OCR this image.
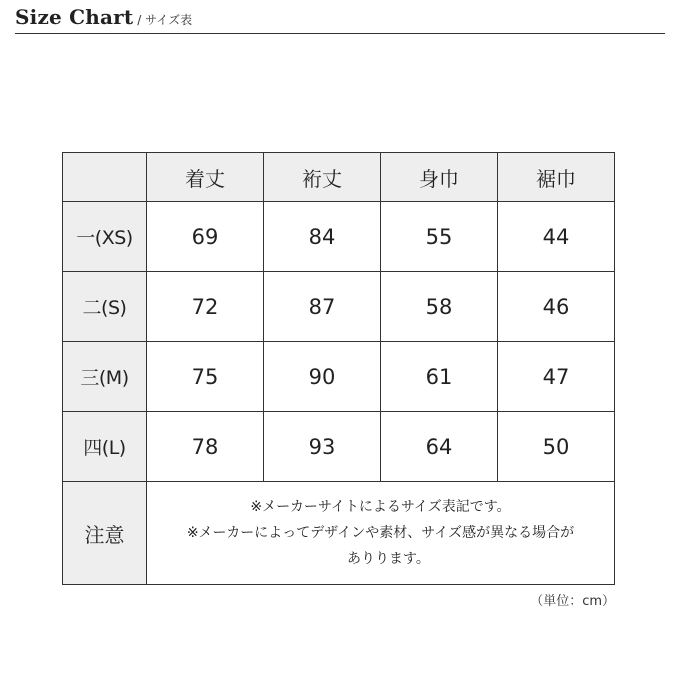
Size Chart / サイズ表
	着丈	裄丈	身巾	裾巾
一(XS)	69	84	55	44
二(S)	72	87	58	46
三(M)	75	90	61	47
四(L)	78	93	64	50
注意	※メーカーサイトによるサイズ表記です。
※メーカーによってデザインや素材、サイズ感が異なる場合が
ありります。			
（単位：cm）
